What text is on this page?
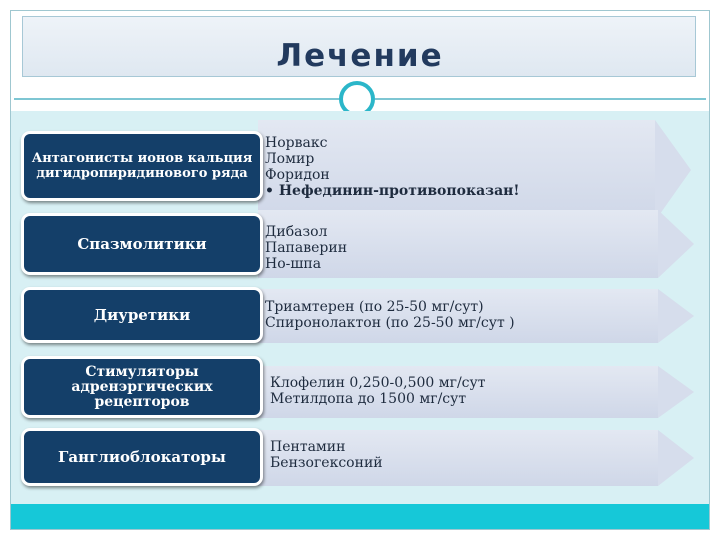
Лечение
Антагонисты ионов кальция дигидропиридинового ряда
Норвакс
Ломир
Форидон
• Нефединин-противопоказан!
Спазмолитики
Дибазол
Папаверин
Но-шпа
Диуретики	Триамтерен (по 25-50 мг/сут)
Спиронолактон (по 25-50 мг/сут )
Стимуляторы адренэргических рецепторов
Клофелин 0,250-0,500 мг/сут
Метилдопа до 1500 мг/сут
Ганглиоблокаторы
Пентамин
Бензогексоний
